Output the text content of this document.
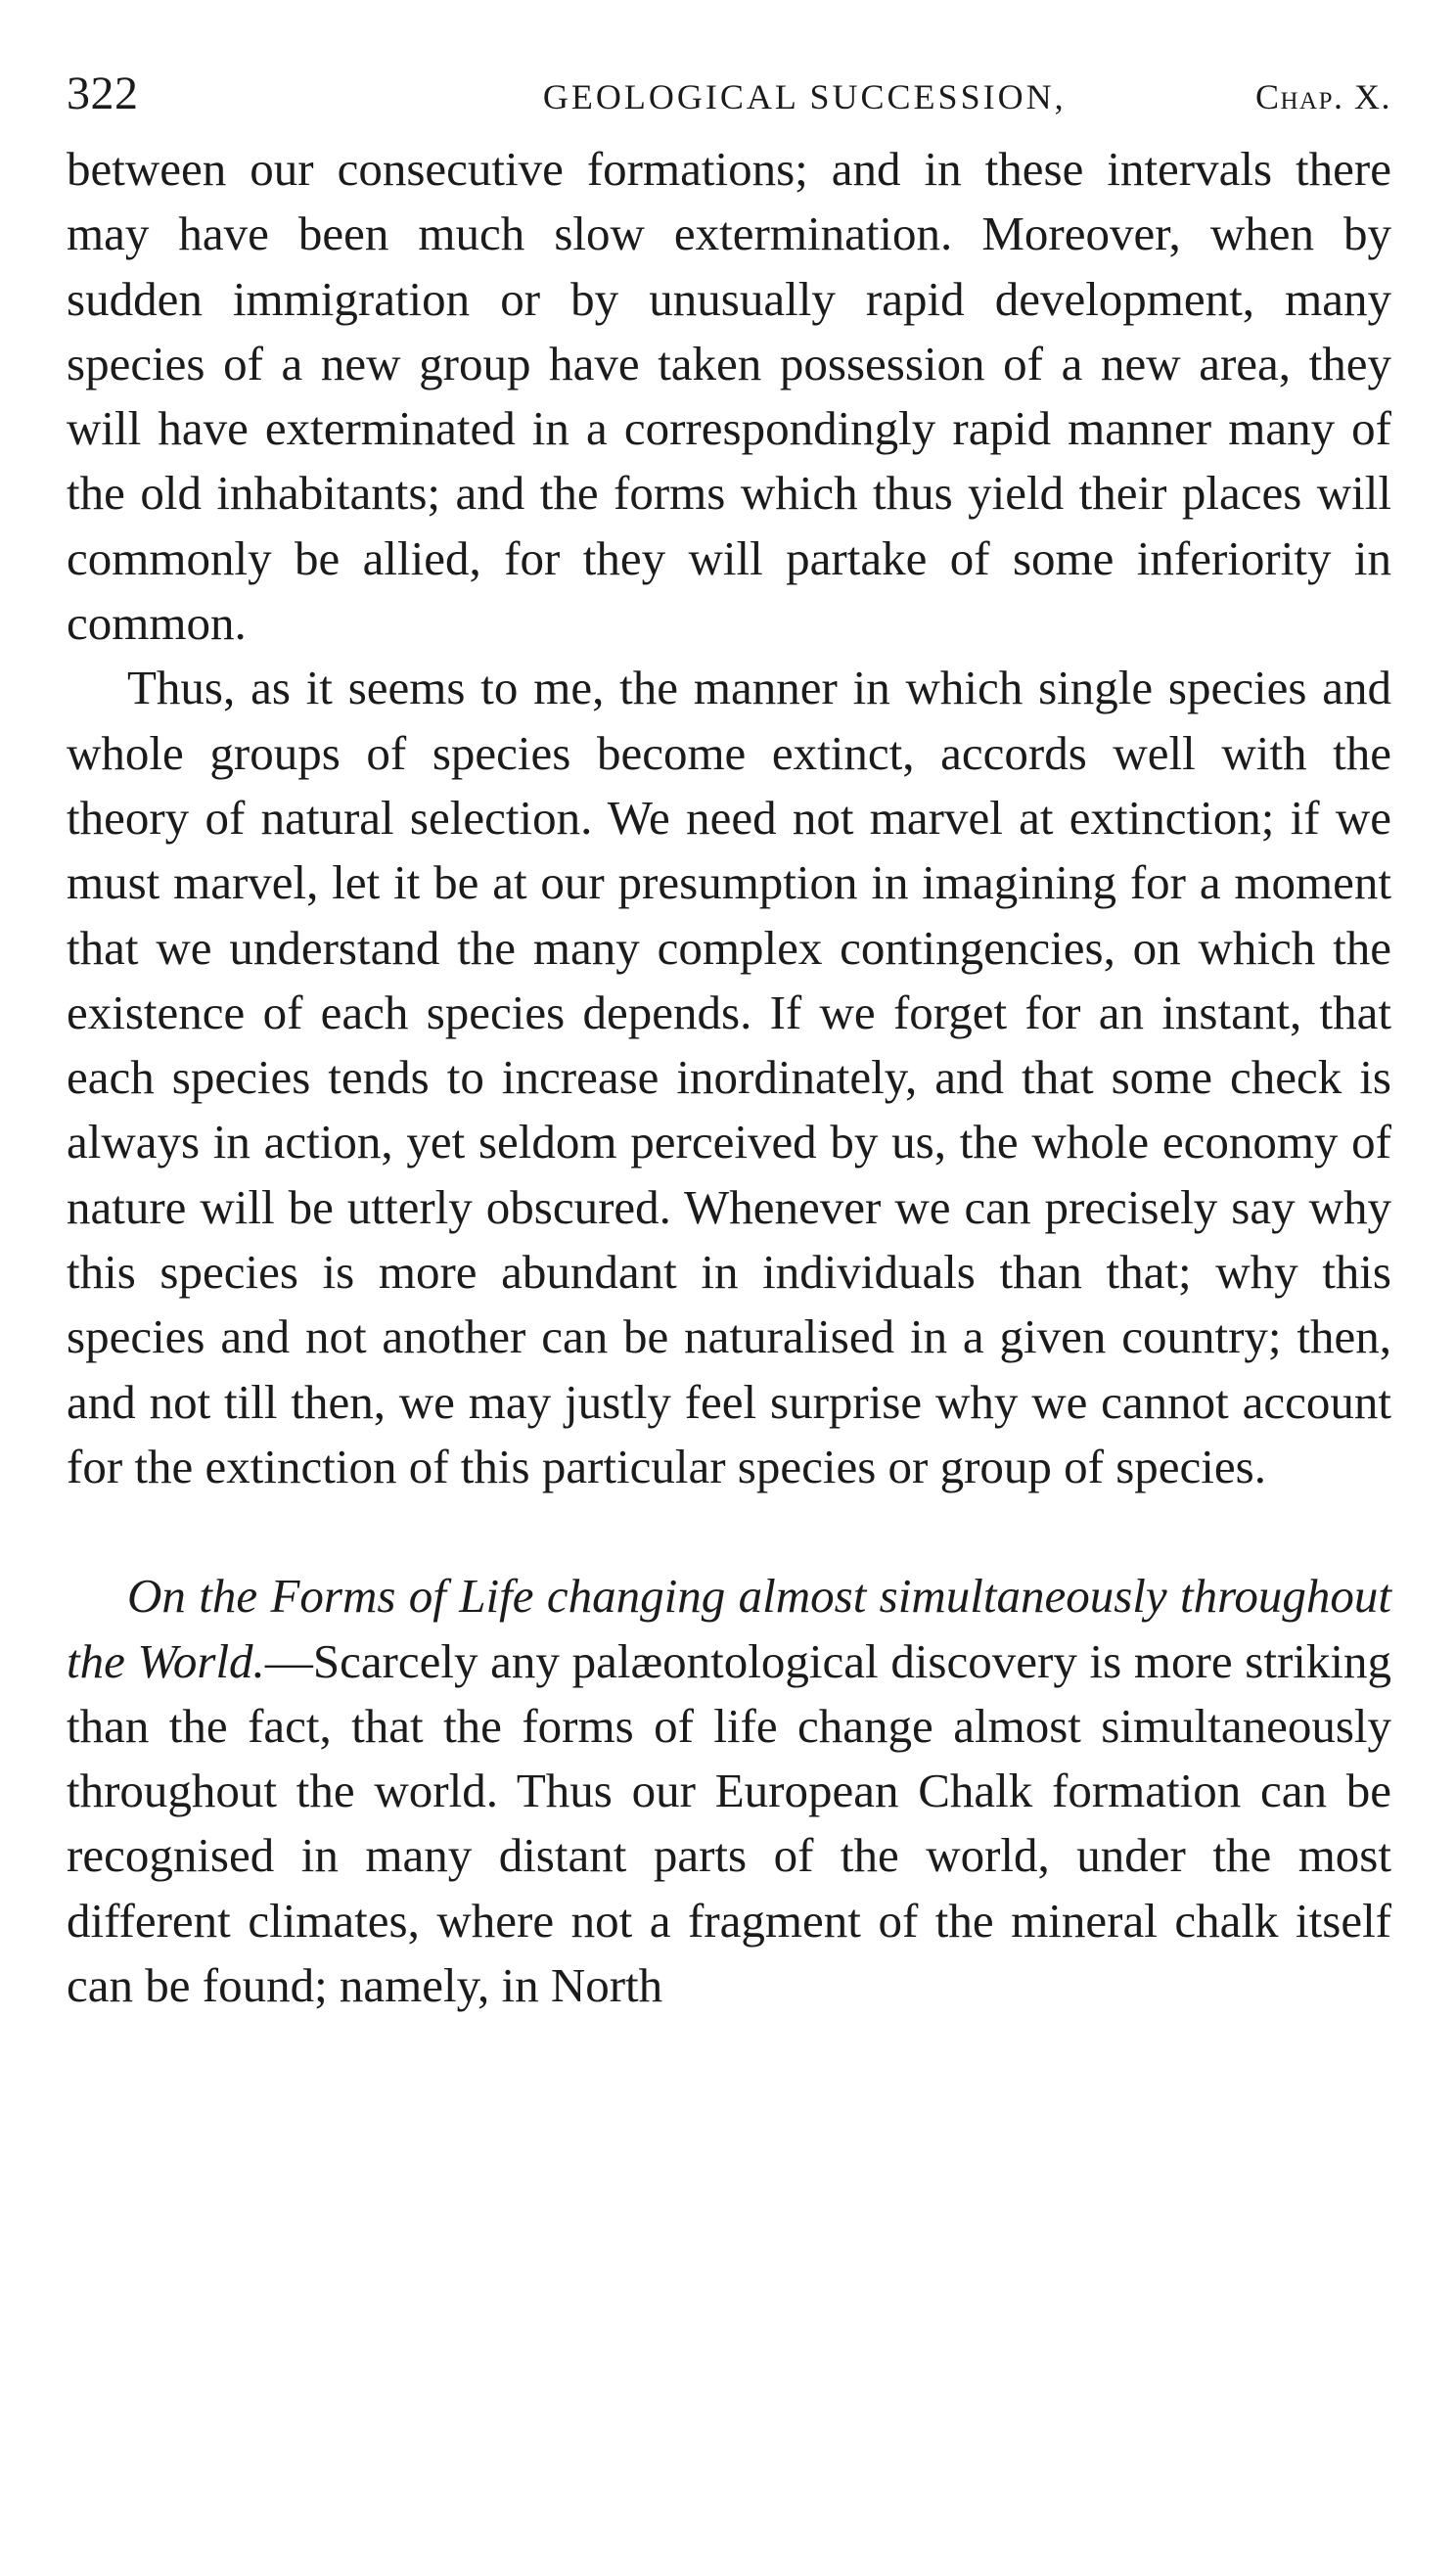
322	GEOLOGICAL SUCCESSION,	Chap. X.

between our consecutive formations; and in these intervals there may have been much slow extermination. Moreover, when by sudden immigration or by unusually rapid development, many species of a new group have taken possession of a new area, they will have exterminated in a correspondingly rapid manner many of the old inhabitants; and the forms which thus yield their places will commonly be allied, for they will partake of some inferiority in common.

Thus, as it seems to me, the manner in which single species and whole groups of species become extinct, accords well with the theory of natural selection. We need not marvel at extinction; if we must marvel, let it be at our presumption in imagining for a moment that we understand the many complex contingencies, on which the existence of each species depends. If we forget for an instant, that each species tends to increase inordinately, and that some check is always in action, yet seldom perceived by us, the whole economy of nature will be utterly obscured. Whenever we can precisely say why this species is more abundant in individuals than that; why this species and not another can be naturalised in a given country; then, and not till then, we may justly feel surprise why we cannot account for the extinction of this particular species or group of species.

On the Forms of Life changing almost simultaneously throughout the World.—Scarcely any palæontological discovery is more striking than the fact, that the forms of life change almost simultaneously throughout the world. Thus our European Chalk formation can be recognised in many distant parts of the world, under the most different climates, where not a fragment of the mineral chalk itself can be found; namely, in North
